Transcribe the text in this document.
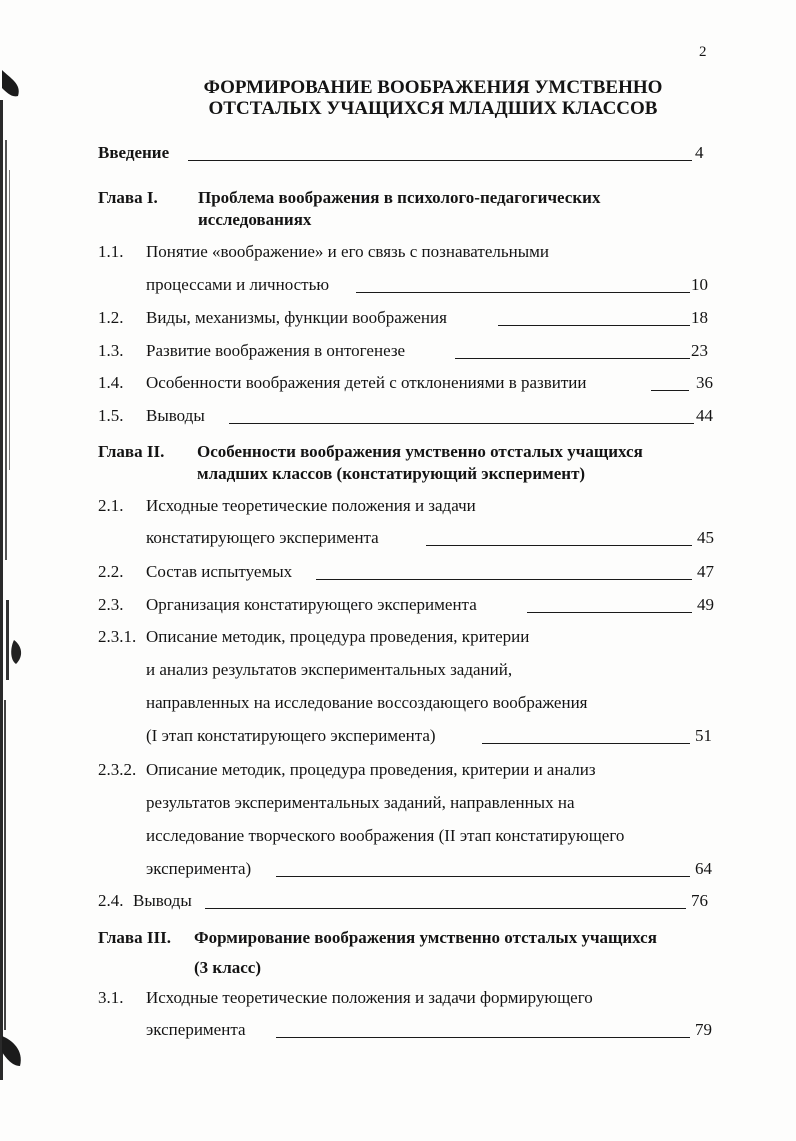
2
ФОРМИРОВАНИЕ ВООБРАЖЕНИЯ УМСТВЕННО
ОТСТАЛЫХ УЧАЩИХСЯ МЛАДШИХ КЛАССОВ
Введение	4
Глава I. Проблема воображения в психолого-педагогических
исследованиях
1.1. Понятие «воображение» и его связь с познавательными
процессами и личностью	10
1.2. Виды, механизмы, функции воображения	18
1.3. Развитие воображения в онтогенезе	23
1.4. Особенности воображения детей с отклонениями в развитии	36
1.5. Выводы	44
Глава II. Особенности воображения умственно отсталых учащихся
младших классов (констатирующий эксперимент)
2.1. Исходные теоретические положения и задачи
констатирующего эксперимента	45
2.2. Состав испытуемых	47
2.3. Организация констатирующего эксперимента	49
2.3.1. Описание методик, процедура проведения, критерии
и анализ результатов экспериментальных заданий,
направленных на исследование воссоздающего воображения
(I этап констатирующего эксперимента)	51
2.3.2. Описание методик, процедура проведения, критерии и анализ
результатов экспериментальных заданий, направленных на
исследование творческого воображения (II этап констатирующего
эксперимента)	64
2.4. Выводы	76
Глава III. Формирование воображения умственно отсталых учащихся
(3 класс)
3.1. Исходные теоретические положения и задачи формирующего
эксперимента	79
